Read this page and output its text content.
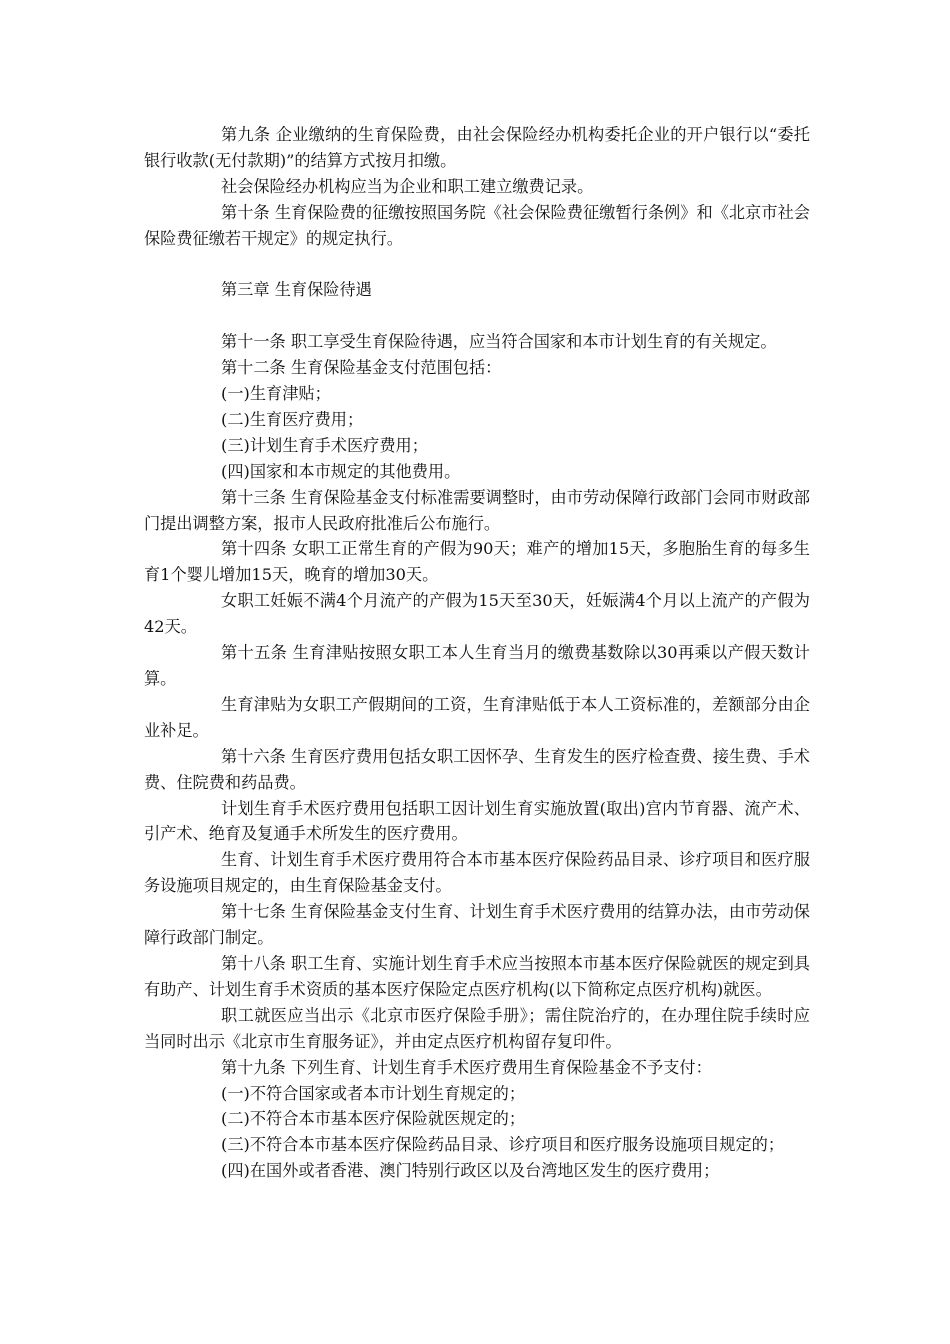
第九条 企业缴纳的生育保险费，由社会保险经办机构委托企业的开户银行以“委托银行收款(无付款期)”的结算方式按月扣缴。

社会保险经办机构应当为企业和职工建立缴费记录。

第十条 生育保险费的征缴按照国务院《社会保险费征缴暂行条例》和《北京市社会保险费征缴若干规定》的规定执行。

第三章 生育保险待遇

第十一条 职工享受生育保险待遇，应当符合国家和本市计划生育的有关规定。

第十二条 生育保险基金支付范围包括：

(一)生育津贴；

(二)生育医疗费用；

(三)计划生育手术医疗费用；

(四)国家和本市规定的其他费用。

第十三条 生育保险基金支付标准需要调整时，由市劳动保障行政部门会同市财政部门提出调整方案，报市人民政府批准后公布施行。

第十四条 女职工正常生育的产假为90天；难产的增加15天，多胞胎生育的每多生育1个婴儿增加15天，晚育的增加30天。

女职工妊娠不满4个月流产的产假为15天至30天，妊娠满4个月以上流产的产假为42天。

第十五条 生育津贴按照女职工本人生育当月的缴费基数除以30再乘以产假天数计算。

生育津贴为女职工产假期间的工资，生育津贴低于本人工资标准的，差额部分由企业补足。

第十六条 生育医疗费用包括女职工因怀孕、生育发生的医疗检查费、接生费、手术费、住院费和药品费。

计划生育手术医疗费用包括职工因计划生育实施放置(取出)宫内节育器、流产术、引产术、绝育及复通手术所发生的医疗费用。

生育、计划生育手术医疗费用符合本市基本医疗保险药品目录、诊疗项目和医疗服务设施项目规定的，由生育保险基金支付。

第十七条 生育保险基金支付生育、计划生育手术医疗费用的结算办法，由市劳动保障行政部门制定。

第十八条 职工生育、实施计划生育手术应当按照本市基本医疗保险就医的规定到具有助产、计划生育手术资质的基本医疗保险定点医疗机构(以下简称定点医疗机构)就医。

职工就医应当出示《北京市医疗保险手册》；需住院治疗的，在办理住院手续时应当同时出示《北京市生育服务证》，并由定点医疗机构留存复印件。

第十九条 下列生育、计划生育手术医疗费用生育保险基金不予支付：

(一)不符合国家或者本市计划生育规定的；

(二)不符合本市基本医疗保险就医规定的；

(三)不符合本市基本医疗保险药品目录、诊疗项目和医疗服务设施项目规定的；

(四)在国外或者香港、澳门特别行政区以及台湾地区发生的医疗费用；
